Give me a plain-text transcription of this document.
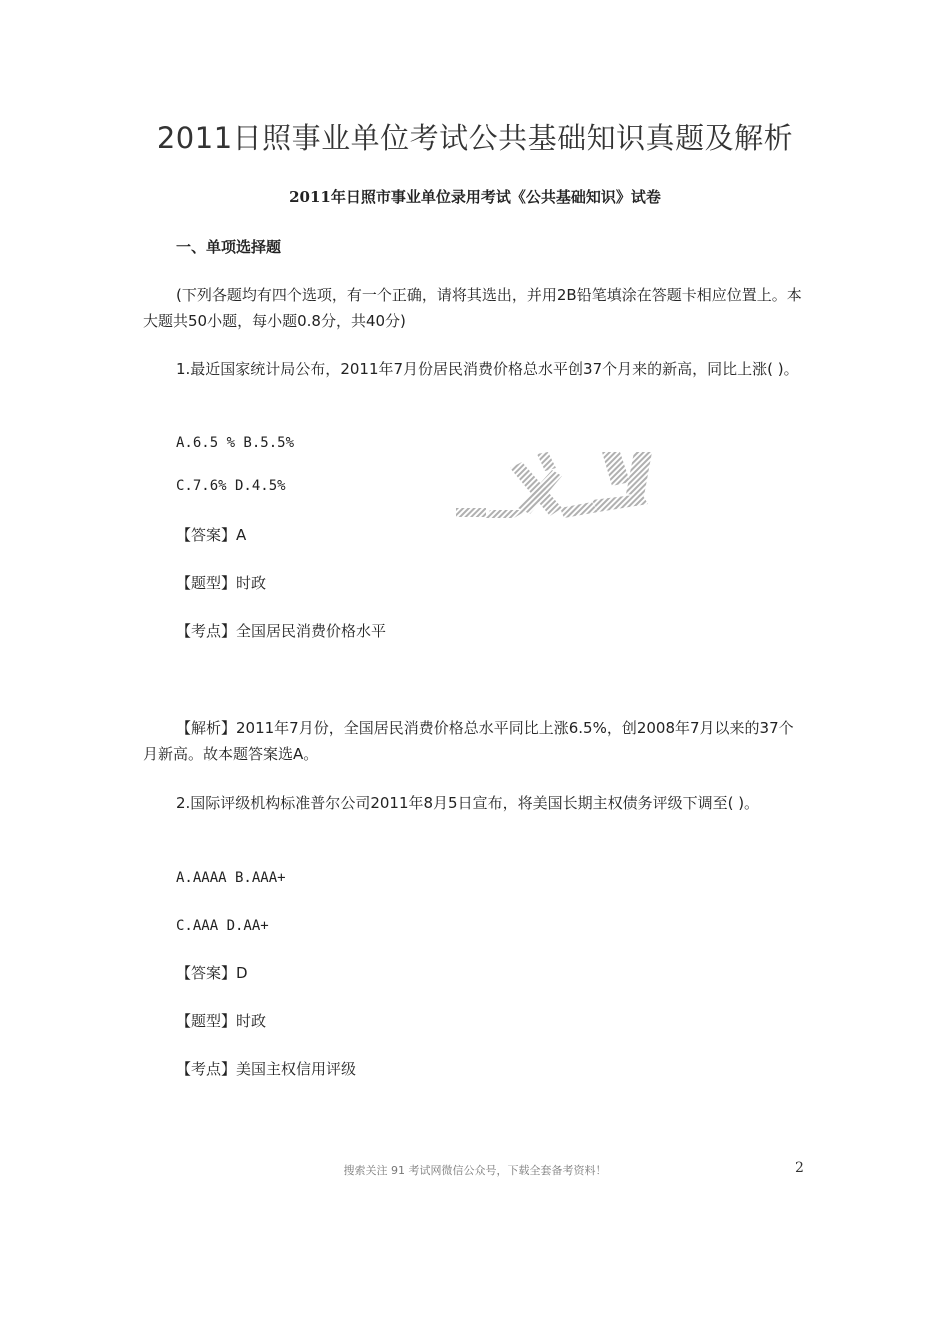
2011日照事业单位考试公共基础知识真题及解析
2011年日照市事业单位录用考试《公共基础知识》试卷
一、单项选择题
(下列各题均有四个选项，有一个正确，请将其选出，并用2B铅笔填涂在答题卡相应位置上。本大题共50小题，每小题0.8分，共40分)
1.最近国家统计局公布，2011年7月份居民消费价格总水平创37个月来的新高，同比上涨( )。
A.6.5 % B.5.5%
C.7.6% D.4.5%
【答案】A
【题型】时政
【考点】全国居民消费价格水平
【解析】2011年7月份，全国居民消费价格总水平同比上涨6.5%，创2008年7月以来的37个月新高。故本题答案选A。
2.国际评级机构标准普尔公司2011年8月5日宣布，将美国长期主权债务评级下调至( )。
A.AAAA B.AAA+
C.AAA D.AA+
【答案】D
【题型】时政
【考点】美国主权信用评级
搜索关注 91 考试网微信公众号，下载全套备考资料！	2
